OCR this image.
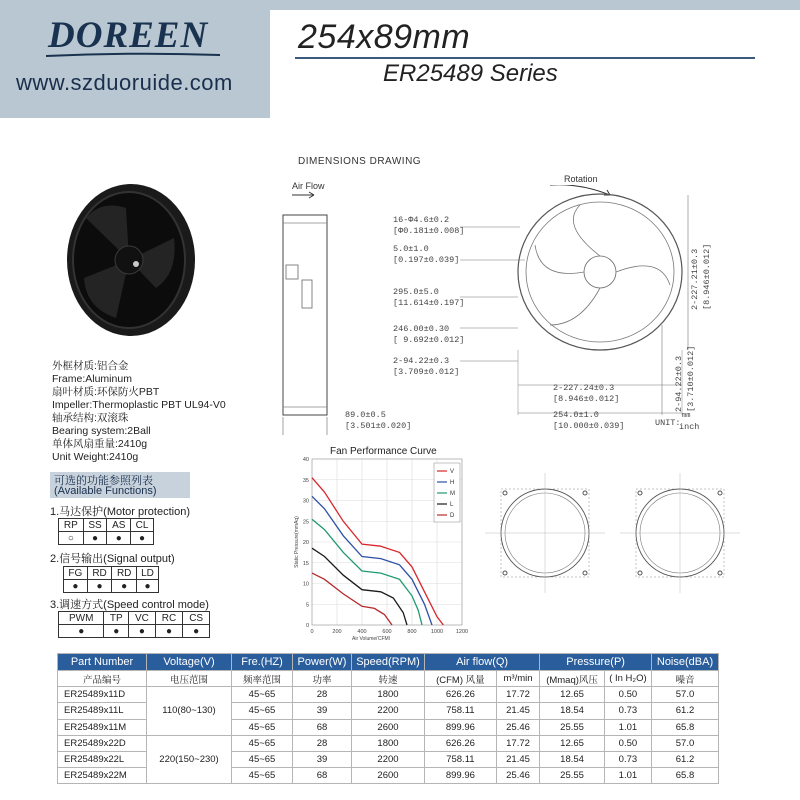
DOREEN
www.szduoruide.com
254x89mm
ER25489 Series
DIMENSIONS DRAWING
Air Flow
Rotation
16-Φ4.6±0.2
[Φ0.181±0.008]
5.0±1.0
[0.197±0.039]
295.0±5.0
[11.614±0.197]
246.00±0.30
[ 9.692±0.012]
2-94.22±0.3
[3.709±0.012]
2-227.24±0.3
[8.946±0.012]
254.0±1.0
[10.000±0.039]
89.0±0.5
[3.501±0.020]
2-227.21±0.3 [8.946±0.012]
2-94.22±0.3 [3.710±0.012]
UNIT:
mm
inch
外框材质:铝合金
Frame:Aluminum
扇叶材质:环保防火PBT
Impeller:Thermoplastic PBT UL94-V0
轴承结构:双滚珠
Bearing system:2Ball
单体风扇重量:2410g
Unit Weight:2410g
可选的功能参照列表
(Available Functions)
1.马达保护(Motor protection)
RP	SS	AS	CL
○	●	●	●
2.信号输出(Signal output)
FG	RD	RD	LD
●	●	●	●
3.调速方式(Speed control mode)
PWM	TP	VC	RC	CS
●	●	●	●	●
Fan Performance Curve
0	200	400	600	800	1000 1200
0
5
10
15
20
25
30
35
40
Air Volume(CFM)
Static Pressure(mmAq)
V
H
M
L
D
Part Number	Voltage(V)	Fre.(HZ)	Power(W)	Speed(RPM)	Air flow(Q)		Pressure(P)		Noise(dBA)
产品编号	电压范围	频率范围	功率	转速	(CFM) 风量	m³/min	(Mmaq)风压	( In H₂O)	噪音
ER25489x11D	110(80~130)	45~65	28	1800	626.26	17.72	12.65	0.50	57.0
ER25489x11L		45~65	39	2200	758.11	21.45	18.54	0.73	61.2
ER25489x11M		45~65	68	2600	899.96	25.46	25.55	1.01	65.8
ER25489x22D	220(150~230)	45~65	28	1800	626.26	17.72	12.65	0.50	57.0
ER25489x22L		45~65	39	2200	758.11	21.45	18.54	0.73	61.2
ER25489x22M		45~65	68	2600	899.96	25.46	25.55	1.01	65.8
